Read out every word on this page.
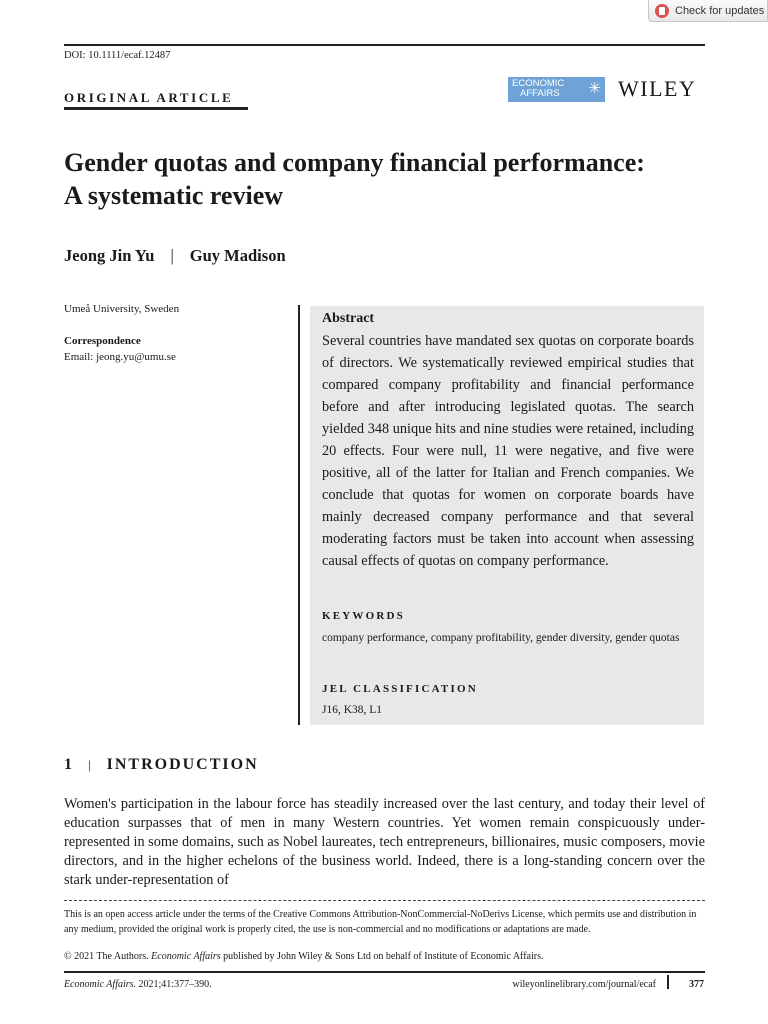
Check for updates
DOI: 10.1111/ecaf.12487
ORIGINAL ARTICLE
ECONOMIC
AFFAIRS	✳ WILEY
Gender quotas and company financial performance: A systematic review
Jeong Jin Yu | Guy Madison
Umeå University, Sweden
Correspondence
Email: jeong.yu@umu.se
Abstract
Several countries have mandated sex quotas on corporate boards of directors. We systematically reviewed empirical studies that compared company profitability and financial performance before and after introducing legislated quotas. The search yielded 348 unique hits and nine studies were retained, including 20 effects. Four were null, 11 were negative, and five were positive, all of the latter for Italian and French companies. We conclude that quotas for women on corporate boards have mainly decreased company performance and that several moderating factors must be taken into account when assessing causal effects of quotas on company performance.
KEYWORDS
company performance, company profitability, gender diversity, gender quotas
JEL CLASSIFICATION
J16, K38, L1
1 | INTRODUCTION
Women's participation in the labour force has steadily increased over the last century, and today their level of education surpasses that of men in many Western countries. Yet women remain conspicuously under-represented in some domains, such as Nobel laureates, tech entrepreneurs, billionaires, music composers, movie directors, and in the higher echelons of the business world. Indeed, there is a long-standing concern over the stark under-representation of
This is an open access article under the terms of the Creative Commons Attribution-NonCommercial-NoDerivs License, which permits use and distribution in any medium, provided the original work is properly cited, the use is non-commercial and no modifications or adaptations are made.
© 2021 The Authors. Economic Affairs published by John Wiley & Sons Ltd on behalf of Institute of Economic Affairs.
Economic Affairs. 2021;41:377–390.	wileyonlinelibrary.com/journal/ecaf	377
